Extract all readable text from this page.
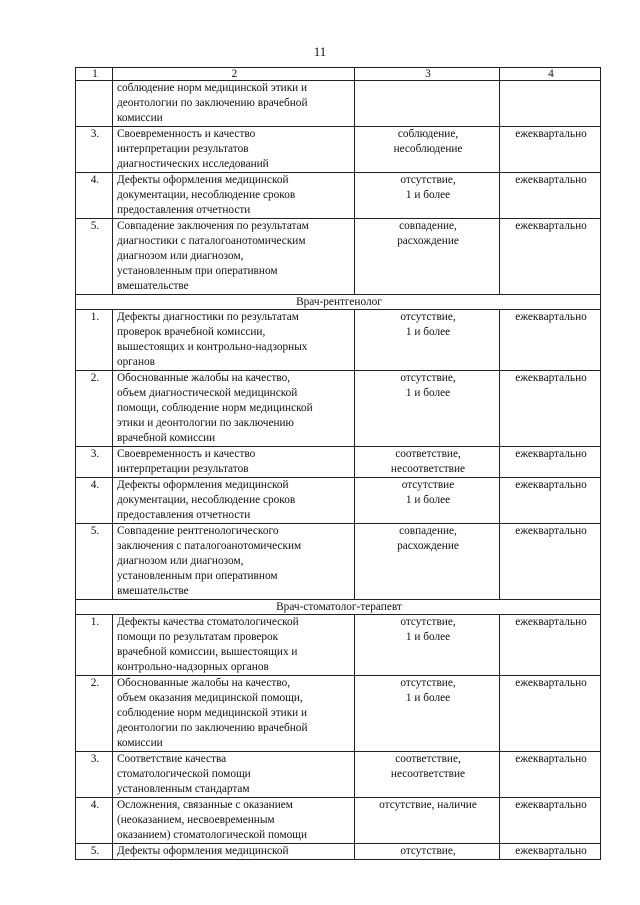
11
1	2	3	4

	соблюдение норм медицинской этики и
деонтологии по заключению врачебной
комиссии		

3.	Своевременность и качество
интерпретации результатов
диагностических исследований	соблюдение,
несоблюдение	ежеквартально
4.	Дефекты оформления медицинской
документации, несоблюдение сроков
предоставления отчетности	отсутствие,
1 и более	ежеквартально
5.	Совпадение заключения по результатам
диагностики с паталогоанотомическим
диагнозом или диагнозом,
установленным при оперативном
вмешательстве	совпадение,
расхождение	ежеквартально
Врач-рентгенолог			
1.	Дефекты диагностики по результатам
проверок врачебной комиссии,
вышестоящих и контрольно-надзорных
органов	отсутствие,
1 и более	ежеквартально
2.	Обоснованные жалобы на качество,
объем диагностической медицинской
помощи, соблюдение норм медицинской
этики и деонтологии по заключению
врачебной комиссии	отсутствие,
1 и более	ежеквартально
3.	Своевременность и качество
интерпретации результатов	соответствие,
несоответствие	ежеквартально
4.	Дефекты оформления медицинской
документации, несоблюдение сроков
предоставления отчетности	отсутствие
1 и более	ежеквартально
5.	Совпадение рентгенологического
заключения с паталогоанотомическим
диагнозом или диагнозом,
установленным при оперативном
вмешательстве	совпадение,
расхождение	ежеквартально
Врач-стоматолог-терапевт			
1.	Дефекты качества стоматологической
помощи по результатам проверок
врачебной комиссии, вышестоящих и
контрольно-надзорных органов	отсутствие,
1 и более	ежеквартально
2.	Обоснованные жалобы на качество,
объем оказания медицинской помощи,
соблюдение норм медицинской этики и
деонтологии по заключению врачебной
комиссии	отсутствие,
1 и более	ежеквартально
3.	Соответствие качества
стоматологической помощи
установленным стандартам	соответствие,
несоответствие	ежеквартально
4.	Осложнения, связанные с оказанием
(неоказанием, несвоевременным
оказанием) стоматологической помощи	отсутствие, наличие	ежеквартально
5.	Дефекты оформления медицинской	отсутствие,	ежеквартально
